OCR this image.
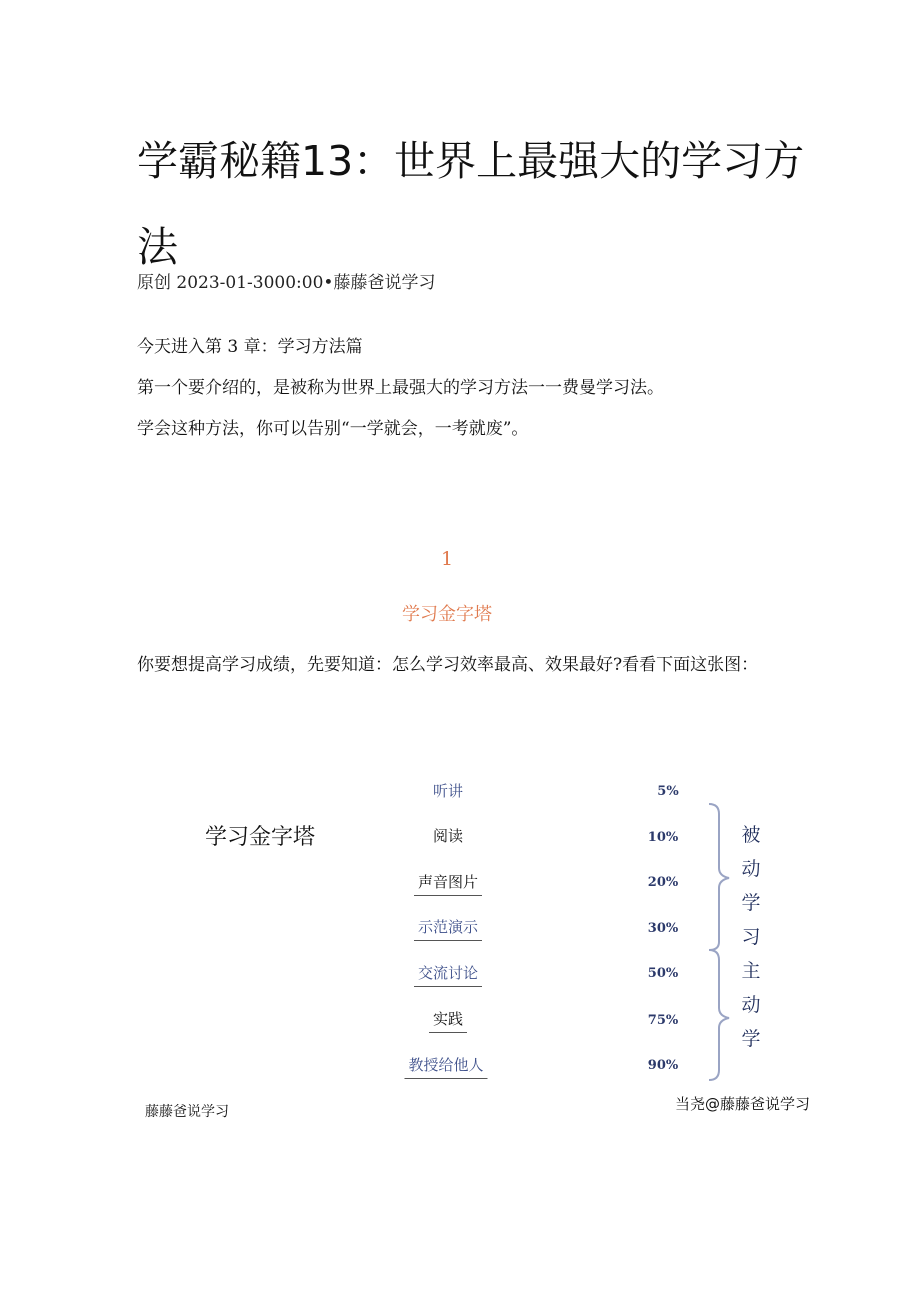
学霸秘籍13：世界上最强大的学习方法
原创 2023-01-3000:00•藤藤爸说学习
今天进入第 3 章：学习方法篇
第一个要介绍的，是被称为世界上最强大的学习方法一一费曼学习法。
学会这种方法，你可以告别“一学就会，一考就废”。
1
学习金字塔
你要想提高学习成绩，先要知道：怎么学习效率最高、效果最好?看看下面这张图：
学习金字塔
听讲
阅读
声音图片
示范演示
交流讨论
实践
教授给他人
5%
10%
20%
30%
50%
75%
90%
被
动
学
习
主
动
学
藤藤爸说学习	当尧@藤藤爸说学习
